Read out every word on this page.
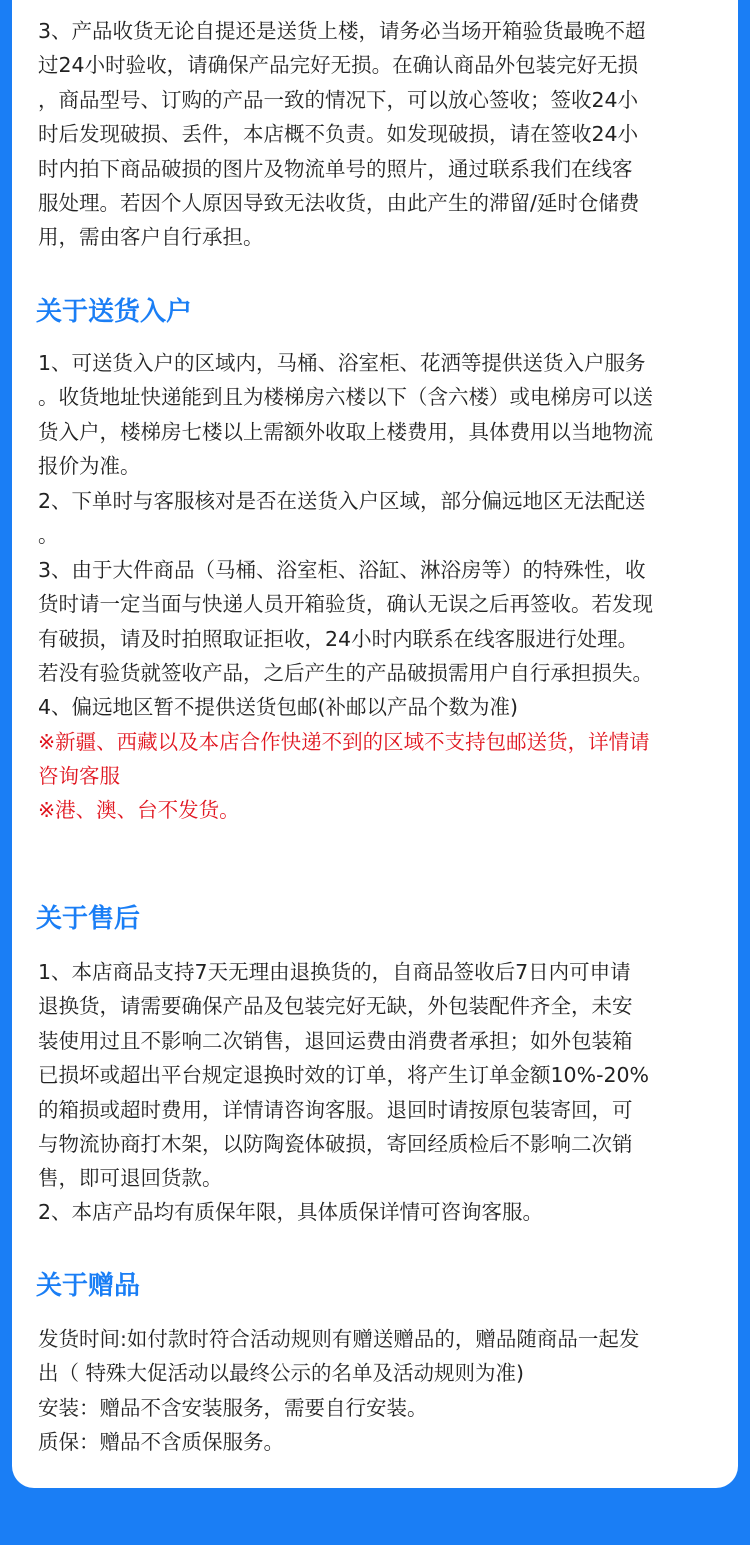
3、产品收货无论自提还是送货上楼，请务必当场开箱验货最晚不超
过24小时验收，请确保产品完好无损。在确认商品外包装完好无损
，商品型号、订购的产品一致的情况下，可以放心签收；签收24小
时后发现破损、丢件，本店概不负责。如发现破损，请在签收24小
时内拍下商品破损的图片及物流单号的照片，通过联系我们在线客
服处理。若因个人原因导致无法收货，由此产生的滞留/延时仓储费
用，需由客户自行承担。

关于送货入户

1、可送货入户的区域内，马桶、浴室柜、花洒等提供送货入户服务
。收货地址快递能到且为楼梯房六楼以下（含六楼）或电梯房可以送
货入户，楼梯房七楼以上需额外收取上楼费用，具体费用以当地物流
报价为准。

2、下单时与客服核对是否在送货入户区域，部分偏远地区无法配送
。

3、由于大件商品（马桶、浴室柜、浴缸、淋浴房等）的特殊性，收
货时请一定当面与快递人员开箱验货，确认无误之后再签收。若发现
有破损，请及时拍照取证拒收，24小时内联系在线客服进行处理。
若没有验货就签收产品，之后产生的产品破损需用户自行承担损失。

4、偏远地区暂不提供送货包邮(补邮以产品个数为准)

※新疆、西藏以及本店合作快递不到的区域不支持包邮送货，详情请
咨询客服

※港、澳、台不发货。

关于售后

1、本店商品支持7天无理由退换货的，自商品签收后7日内可申请
退换货，请需要确保产品及包装完好无缺，外包装配件齐全，未安
装使用过且不影响二次销售，退回运费由消费者承担；如外包装箱
已损坏或超出平台规定退换时效的订单，将产生订单金额10%-20%
的箱损或超时费用，详情请咨询客服。退回时请按原包装寄回，可
与物流协商打木架，以防陶瓷体破损，寄回经质检后不影响二次销
售，即可退回货款。

2、本店产品均有质保年限，具体质保详情可咨询客服。

关于赠品

发货时间:如付款时符合活动规则有赠送赠品的，赠品随商品一起发
出（ 特殊大促活动以最终公示的名单及活动规则为准)

安装：赠品不含安装服务，需要自行安装。

质保：赠品不含质保服务。
